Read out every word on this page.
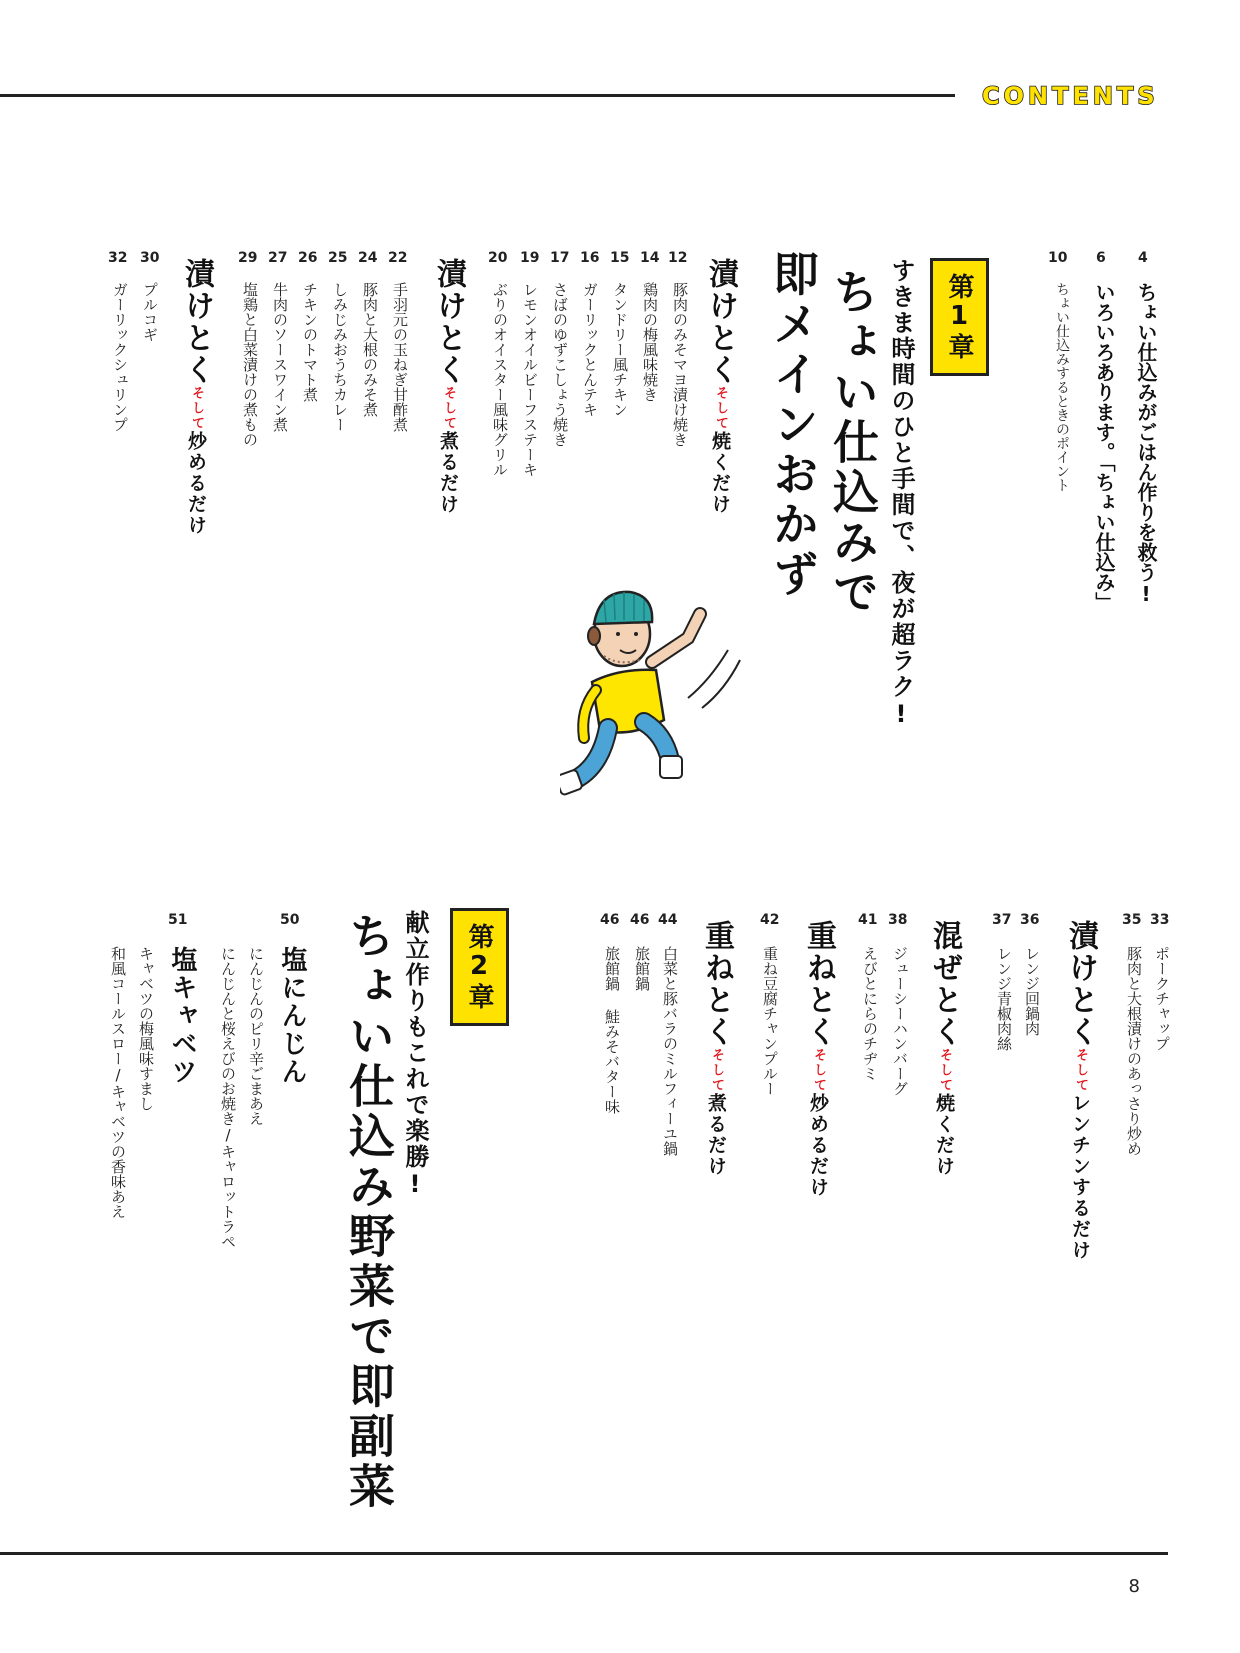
CONTENTS
4
ちょい仕込みがごはん作りを救う!
6
いろいろあります。「ちょい仕込み」
10
ちょい仕込みするときのポイント
第1章
すきま時間のひと手間で、夜が超ラク!
ちょい仕込みで
即メインおかず
漬けとくそして焼くだけ
12
豚肉のみそマヨ漬け焼き
14
鶏肉の梅風味焼き
15
タンドリー風チキン
16
ガーリックとんテキ
17
さばのゆずこしょう焼き
19
レモンオイルビーフステーキ
20
ぶりのオイスター風味グリル
漬けとくそして煮るだけ
22
手羽元の玉ねぎ甘酢煮
24
豚肉と大根のみそ煮
25
しみじみおうちカレー
26
チキンのトマト煮
27
牛肉のソースワイン煮
29
塩鶏と白菜漬けの煮もの
漬けとくそして炒めるだけ
30
プルコギ
32
ガーリックシュリンプ
漬けとくそしてレンチンするだけ
33
ポークチャップ
35
豚肉と大根漬けのあっさり炒め
36
レンジ回鍋肉
37
レンジ青椒肉絲
混ぜとくそして焼くだけ
38
ジューシーハンバーグ
41
えびとにらのチヂミ
重ねとくそして炒めるだけ
42
重ね豆腐チャンプルー
重ねとくそして煮るだけ
44
白菜と豚バラのミルフィーユ鍋
46
旅館鍋
46
旅館鍋 鮭みそバター味
第2章
献立作りもこれで楽勝!
ちょい仕込み野菜で即副菜
50
塩にんじん
にんじんのピリ辛ごまあえ
にんじんと桜えびのお焼き/キャロットラペ
51
塩キャベツ
キャベツの梅風味すまし
和風コールスロー/キャベツの香味あえ
8
